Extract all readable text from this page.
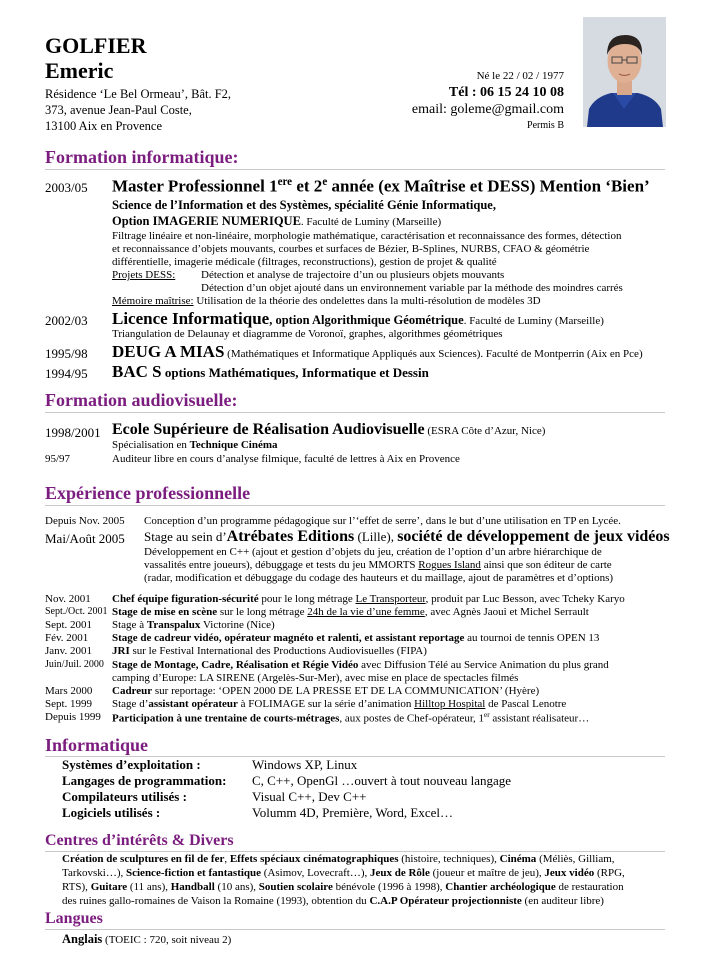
GOLFIER
Emeric
Résidence ‘Le Bel Ormeau’, Bât. F2,
373, avenue Jean-Paul Coste,
13100 Aix en Provence
Né le 22 / 02 / 1977
Tél : 06 15 24 10 08
email: goleme@gmail.com
Permis B
Formation informatique:
2003/05 Master Professionnel 1ere et 2e année (ex Maîtrise et DESS) Mention ‘Bien’
Science de l’Information et des Systèmes, spécialité Génie Informatique,
Option IMAGERIE NUMERIQUE. Faculté de Luminy (Marseille)
Filtrage linéaire et non-linéaire, morphologie mathématique, caractérisation et reconnaissance des formes, détection
et reconnaissance d’objets mouvants, courbes et surfaces de Bézier, B-Splines, NURBS, CFAO & géométrie
différentielle, imagerie médicale (filtrages, reconstructions), gestion de projet & qualité
Projets DESS: Détection et analyse de trajectoire d’un ou plusieurs objets mouvants
Détection d’un objet ajouté dans un environnement variable par la méthode des moindres carrés
Mémoire maîtrise: Utilisation de la théorie des ondelettes dans la multi-résolution de modèles 3D
2002/03 Licence Informatique, option Algorithmique Géométrique. Faculté de Luminy (Marseille)
Triangulation de Delaunay et diagramme de Voronoï, graphes, algorithmes géométriques
1995/98 DEUG A MIAS (Mathématiques et Informatique Appliqués aux Sciences). Faculté de Montperrin (Aix en Pce)
1994/95 BAC S options Mathématiques, Informatique et Dessin
Formation audiovisuelle:
1998/2001 Ecole Supérieure de Réalisation Audiovisuelle (ESRA Côte d’Azur, Nice)
Spécialisation en Technique Cinéma
95/97	Auditeur libre en cours d’analyse filmique, faculté de lettres à Aix en Provence
Expérience professionnelle
Depuis Nov. 2005 Conception d’un programme pédagogique sur l’‘effet de serre’, dans le but d’une utilisation en TP en Lycée.
Mai/Août 2005 Stage au sein d’Atrébates Editions (Lille), société de développement de jeux vidéos
Développement en C++ (ajout et gestion d’objets du jeu, création de l’option d’un arbre hiérarchique de
vassalités entre joueurs), débuggage et tests du jeu MMORTS Rogues Island ainsi que son éditeur de carte
(radar, modification et débuggage du codage des hauteurs et du maillage, ajout de paramètres et d’options)
Nov. 2001 Chef équipe figuration-sécurité pour le long métrage Le Transporteur, produit par Luc Besson, avec Tcheky Karyo
Sept./Oct. 2001 Stage de mise en scène sur le long métrage 24h de la vie d’une femme, avec Agnès Jaoui et Michel Serrault
Sept. 2001 Stage à Transpalux Victorine (Nice)
Fév. 2001 Stage de cadreur vidéo, opérateur magnéto et ralenti, et assistant reportage au tournoi de tennis OPEN 13
Janv. 2001 JRI sur le Festival International des Productions Audiovisuelles (FIPA)
Juin/Juil. 2000 Stage de Montage, Cadre, Réalisation et Régie Vidéo avec Diffusion Télé au Service Animation du plus grand
camping d’Europe: LA SIRENE (Argelès-Sur-Mer), avec mise en place de spectacles filmés
Mars 2000 Cadreur sur reportage: ‘OPEN 2000 DE LA PRESSE ET DE LA COMMUNICATION’ (Hyère)
Sept. 1999 Stage d’assistant opérateur à FOLIMAGE sur la série d’animation Hilltop Hospital de Pascal Lenotre
Depuis 1999 Participation à une trentaine de courts-métrages, aux postes de Chef-opérateur, 1er assistant réalisateur…
Informatique
Systèmes d’exploitation :	Windows XP, Linux
Langages de programmation: C, C++, OpenGl …ouvert à tout nouveau langage
Compilateurs utilisés :	Visual C++, Dev C++
Logiciels utilisés :	Volumm 4D, Première, Word, Excel…
Centres d’intérêts & Divers
Création de sculptures en fil de fer, Effets spéciaux cinématographiques (histoire, techniques), Cinéma (Méliès, Gilliam,
Tarkovski…), Science-fiction et fantastique (Asimov, Lovecraft…), Jeux de Rôle (joueur et maître de jeu), Jeux vidéo (RPG,
RTS), Guitare (11 ans), Handball (10 ans), Soutien scolaire bénévole (1996 à 1998), Chantier archéologique de restauration
des ruines gallo-romaines de Vaison la Romaine (1993), obtention du C.A.P Opérateur projectionniste (en auditeur libre)
Langues
Anglais (TOEIC : 720, soit niveau 2)
